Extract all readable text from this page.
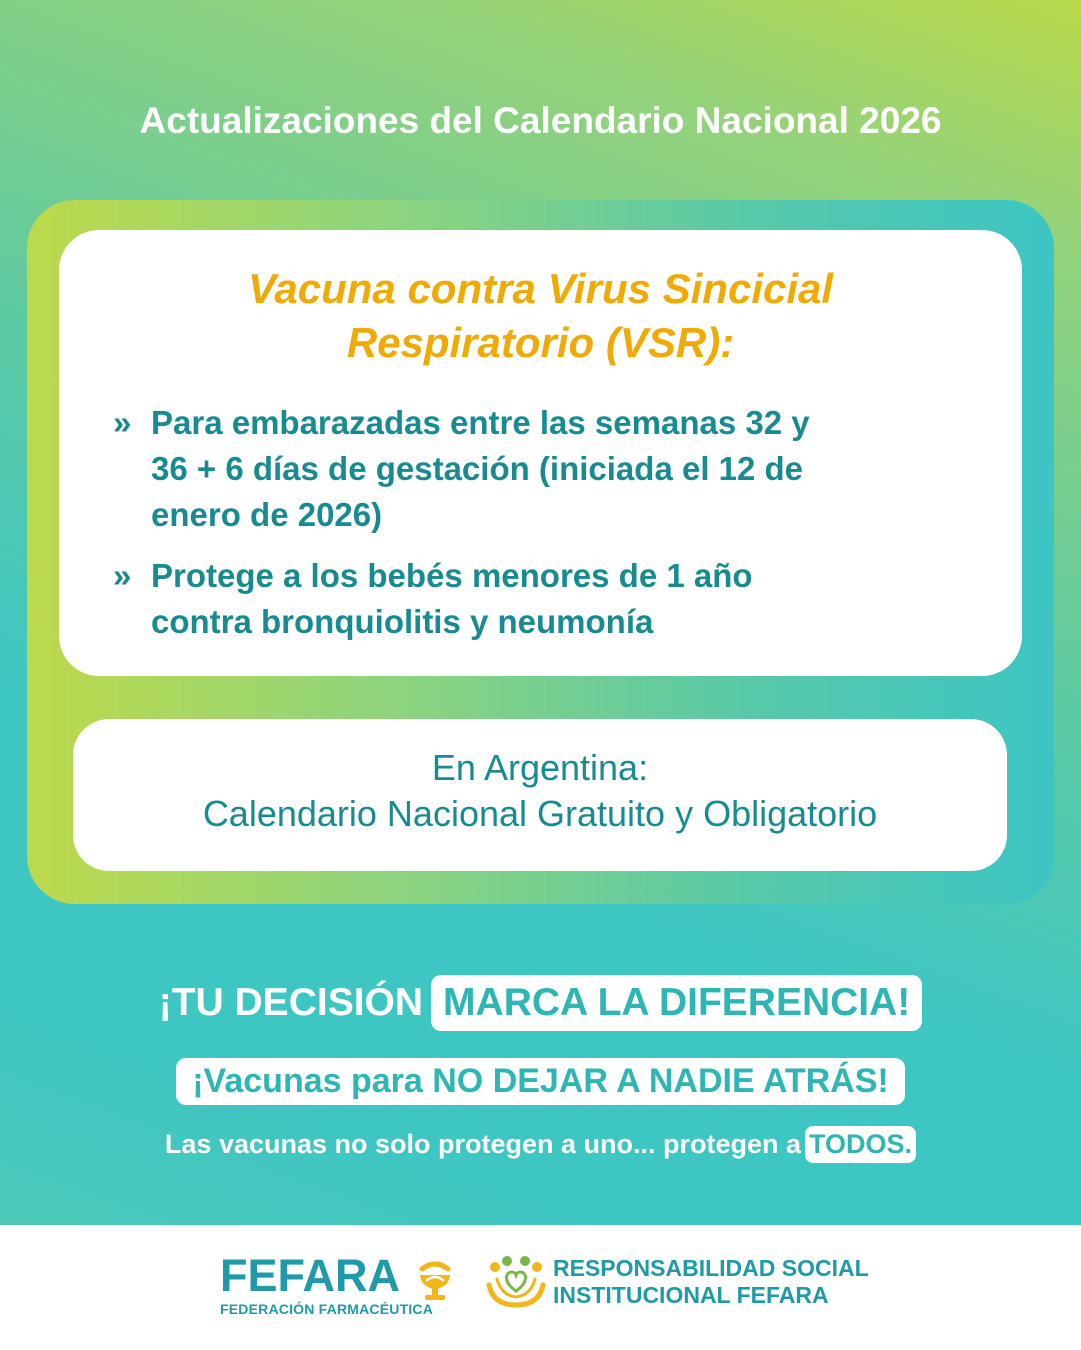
Actualizaciones del Calendario Nacional 2026
Vacuna contra Virus Sincicial
Respiratorio (VSR):
» Para embarazadas entre las semanas 32 y
36 + 6 días de gestación (iniciada el 12 de
enero de 2026)
» Protege a los bebés menores de 1 año
contra bronquiolitis y neumonía
En Argentina:
Calendario Nacional Gratuito y Obligatorio
¡TU DECISIÓN MARCA LA DIFERENCIA!
¡Vacunas para NO DEJAR A NADIE ATRÁS!
Las vacunas no solo protegen a uno... protegen a TODOS.
FEFARA
FEDERACIÓN FARMACÉUTICA
RESPONSABILIDAD SOCIAL
INSTITUCIONAL FEFARA
